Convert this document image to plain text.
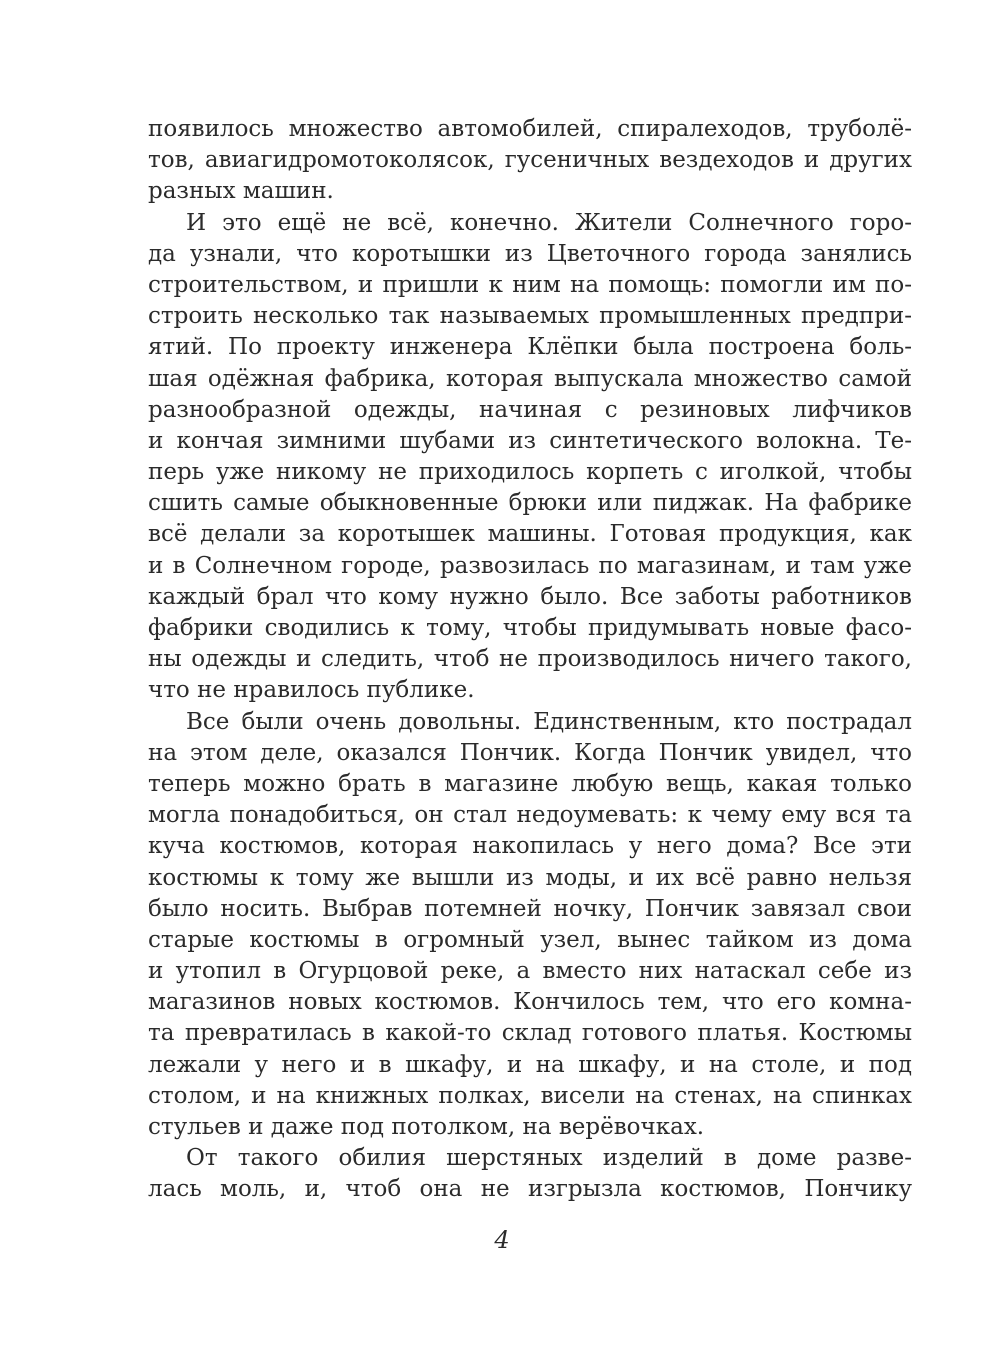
появилось множество автомобилей, спиралеходов, труболё-
тов, авиагидромотоколясок, гусеничных вездеходов и других
разных машин.
И это ещё не всё, конечно. Жители Солнечного горо-
да узнали, что коротышки из Цветочного города занялись
строительством, и пришли к ним на помощь: помогли им по-
строить несколько так называемых промышленных предпри-
ятий. По проекту инженера Клёпки была построена боль-
шая одёжная фабрика, которая выпускала множество самой
разнообразной одежды, начиная с резиновых лифчиков
и кончая зимними шубами из синтетического волокна. Те-
перь уже никому не приходилось корпеть с иголкой, чтобы
сшить самые обыкновенные брюки или пиджак. На фабрике
всё делали за коротышек машины. Готовая продукция, как
и в Солнечном городе, развозилась по магазинам, и там уже
каждый брал что кому нужно было. Все заботы работников
фабрики сводились к тому, чтобы придумывать новые фасо-
ны одежды и следить, чтоб не производилось ничего такого,
что не нравилось публике.
Все были очень довольны. Единственным, кто пострадал
на этом деле, оказался Пончик. Когда Пончик увидел, что
теперь можно брать в магазине любую вещь, какая только
могла понадобиться, он стал недоумевать: к чему ему вся та
куча костюмов, которая накопилась у него дома? Все эти
костюмы к тому же вышли из моды, и их всё равно нельзя
было носить. Выбрав потемней ночку, Пончик завязал свои
старые костюмы в огромный узел, вынес тайком из дома
и утопил в Огурцовой реке, а вместо них натаскал себе из
магазинов новых костюмов. Кончилось тем, что его комна-
та превратилась в какой-то склад готового платья. Костюмы
лежали у него и в шкафу, и на шкафу, и на столе, и под
столом, и на книжных полках, висели на стенах, на спинках
стульев и даже под потолком, на верёвочках.
От такого обилия шерстяных изделий в доме разве-
лась моль, и, чтоб она не изгрызла костюмов, Пончику
4
